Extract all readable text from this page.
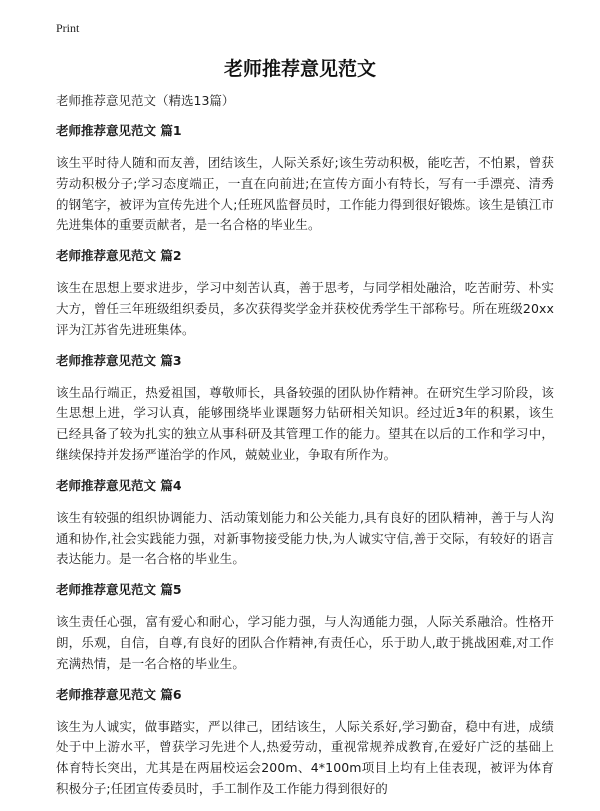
Print
老师推荐意见范文
老师推荐意见范文（精选13篇）
老师推荐意见范文 篇1
该生平时待人随和而友善，团结该生，人际关系好;该生劳动积极，能吃苦，不怕累，曾获劳动积极分子;学习态度端正，一直在向前进;在宣传方面小有特长，写有一手漂亮、清秀的钢笔字，被评为宣传先进个人;任班风监督员时，工作能力得到很好锻炼。该生是镇江市先进集体的重要贡献者，是一名合格的毕业生。
老师推荐意见范文 篇2
该生在思想上要求进步，学习中刻苦认真，善于思考，与同学相处融洽，吃苦耐劳、朴实大方，曾任三年班级组织委员，多次获得奖学金并获校优秀学生干部称号。所在班级20xx评为江苏省先进班集体。
老师推荐意见范文 篇3
该生品行端正，热爱祖国，尊敬师长，具备较强的团队协作精神。在研究生学习阶段，该生思想上进，学习认真，能够围绕毕业课题努力钻研相关知识。经过近3年的积累，该生已经具备了较为扎实的独立从事科研及其管理工作的能力。望其在以后的工作和学习中，继续保持并发扬严谨治学的作风，兢兢业业，争取有所作为。
老师推荐意见范文 篇4
该生有较强的组织协调能力、活动策划能力和公关能力,具有良好的团队精神，善于与人沟通和协作,社会实践能力强，对新事物接受能力快,为人诚实守信,善于交际，有较好的语言表达能力。是一名合格的毕业生。
老师推荐意见范文 篇5
该生责任心强，富有爱心和耐心，学习能力强，与人沟通能力强，人际关系融洽。性格开朗，乐观，自信，自尊,有良好的团队合作精神,有责任心，乐于助人,敢于挑战困难,对工作充满热情，是一名合格的毕业生。
老师推荐意见范文 篇6
该生为人诚实，做事踏实，严以律己，团结该生，人际关系好,学习勤奋，稳中有进，成绩处于中上游水平，曾获学习先进个人,热爱劳动，重视常规养成教育,在爱好广泛的基础上体育特长突出，尤其是在两届校运会200m、4*100m项目上均有上佳表现，被评为体育积极分子;任团宣传委员时，手工制作及工作能力得到很好的
